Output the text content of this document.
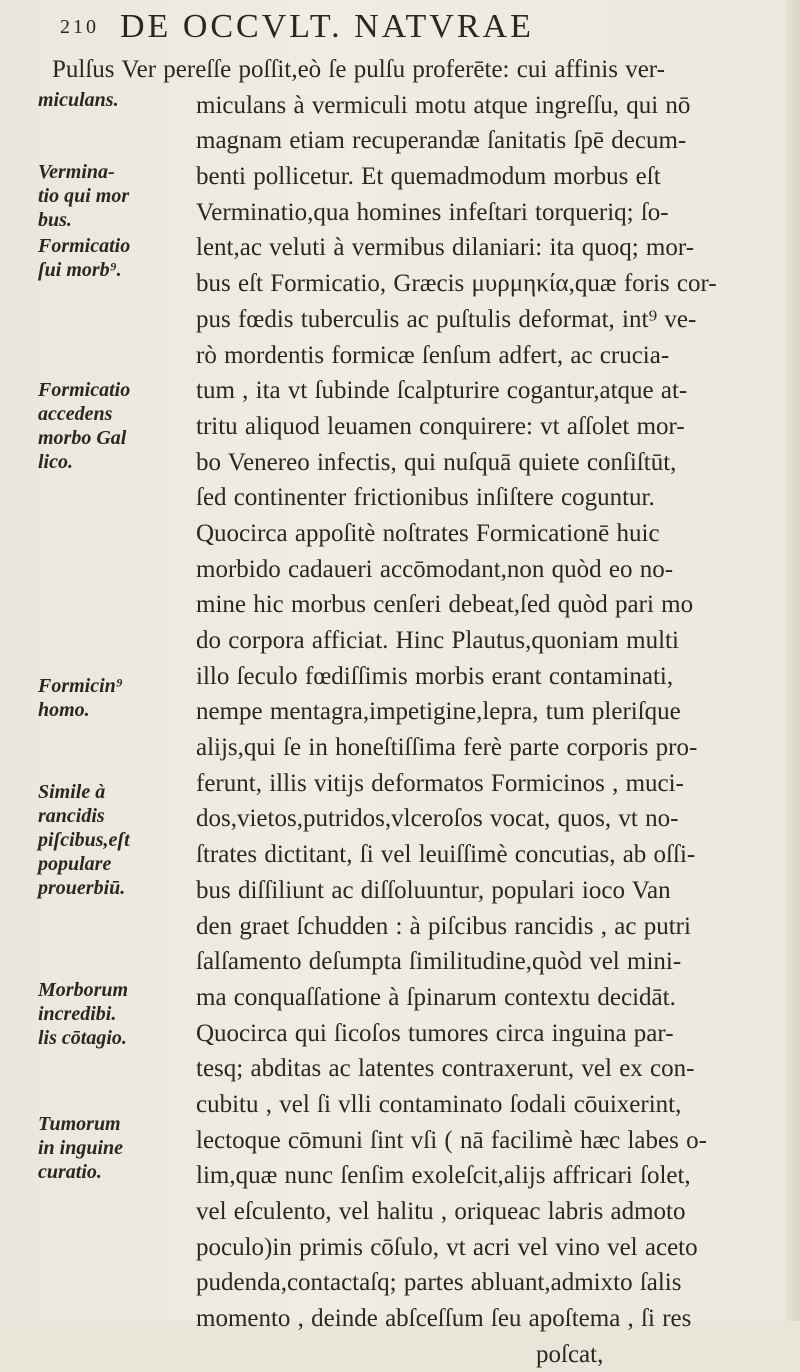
210 DE OCCVLT. NATVRAE
miculans.
Vermina-
tio qui mor
bus.
Formicatio
ſui morb⁹.
Formicatio
accedens
morbo Gal
lico.
Formicin⁹
homo.
Simile à
rancidis
piſcibus,eſt
populare
prouerbiū.
Morborum
incredibi.
lis cōtagio.
Tumorum
in inguine
curatio.
Pulſus Ver pereſſe poſſit,eò ſe pulſu proferēte: cui affinis ver-
miculans à vermiculi motu atque ingreſſu, qui nō
magnam etiam recuperandæ ſanitatis ſpē decum-
benti pollicetur. Et quemadmodum morbus eſt
Verminatio,qua homines infeſtari torqueriq; ſo-
lent,ac veluti à vermibus dilaniari: ita quoq; mor-
bus eſt Formicatio, Græcis μυρμηκία,quæ foris cor-
pus fœdis tuberculis ac puſtulis deformat, int⁹ ve-
rò mordentis formicæ ſenſum adfert, ac crucia-
tum , ita vt ſubinde ſcalpturire cogantur,atque at-
tritu aliquod leuamen conquirere: vt aſſolet mor-
bo Venereo infectis, qui nuſquā quiete conſiſtūt,
ſed continenter frictionibus inſiſtere coguntur.
Quocirca appoſitè noſtrates Formicationē huic
morbido cadaueri accōmodant,non quòd eo no-
mine hic morbus cenſeri debeat,ſed quòd pari mo
do corpora afficiat. Hinc Plautus,quoniam multi
illo ſeculo fœdiſſimis morbis erant contaminati,
nempe mentagra,impetigine,lepra, tum pleriſque
alijs,qui ſe in honeſtiſſima ferè parte corporis pro-
ferunt, illis vitijs deformatos Formicinos , muci-
dos,vietos,putridos,vlceroſos vocat, quos, vt no-
ſtrates dictitant, ſi vel leuiſſimè concutias, ab oſſi-
bus diſſiliunt ac diſſoluuntur, populari ioco Van
den graet ſchudden : à piſcibus rancidis , ac putri
ſalſamento deſumpta ſimilitudine,quòd vel mini-
ma conquaſſatione à ſpinarum contextu decidāt.
Quocirca qui ſicoſos tumores circa inguina par-
tesq; abditas ac latentes contraxerunt, vel ex con-
cubitu , vel ſi vlli contaminato ſodali cōuixerint,
lectoque cōmuni ſint vſi ( nā facilimè hæc labes o-
lim,quæ nunc ſenſim exoleſcit,alijs affricari ſolet,
vel eſculento, vel halitu , oriqueac labris admoto
poculo)in primis cōſulo, vt acri vel vino vel aceto
pudenda,contactaſq; partes abluant,admixto ſalis
momento , deinde abſceſſum ſeu apoſtema , ſi res
poſcat,
